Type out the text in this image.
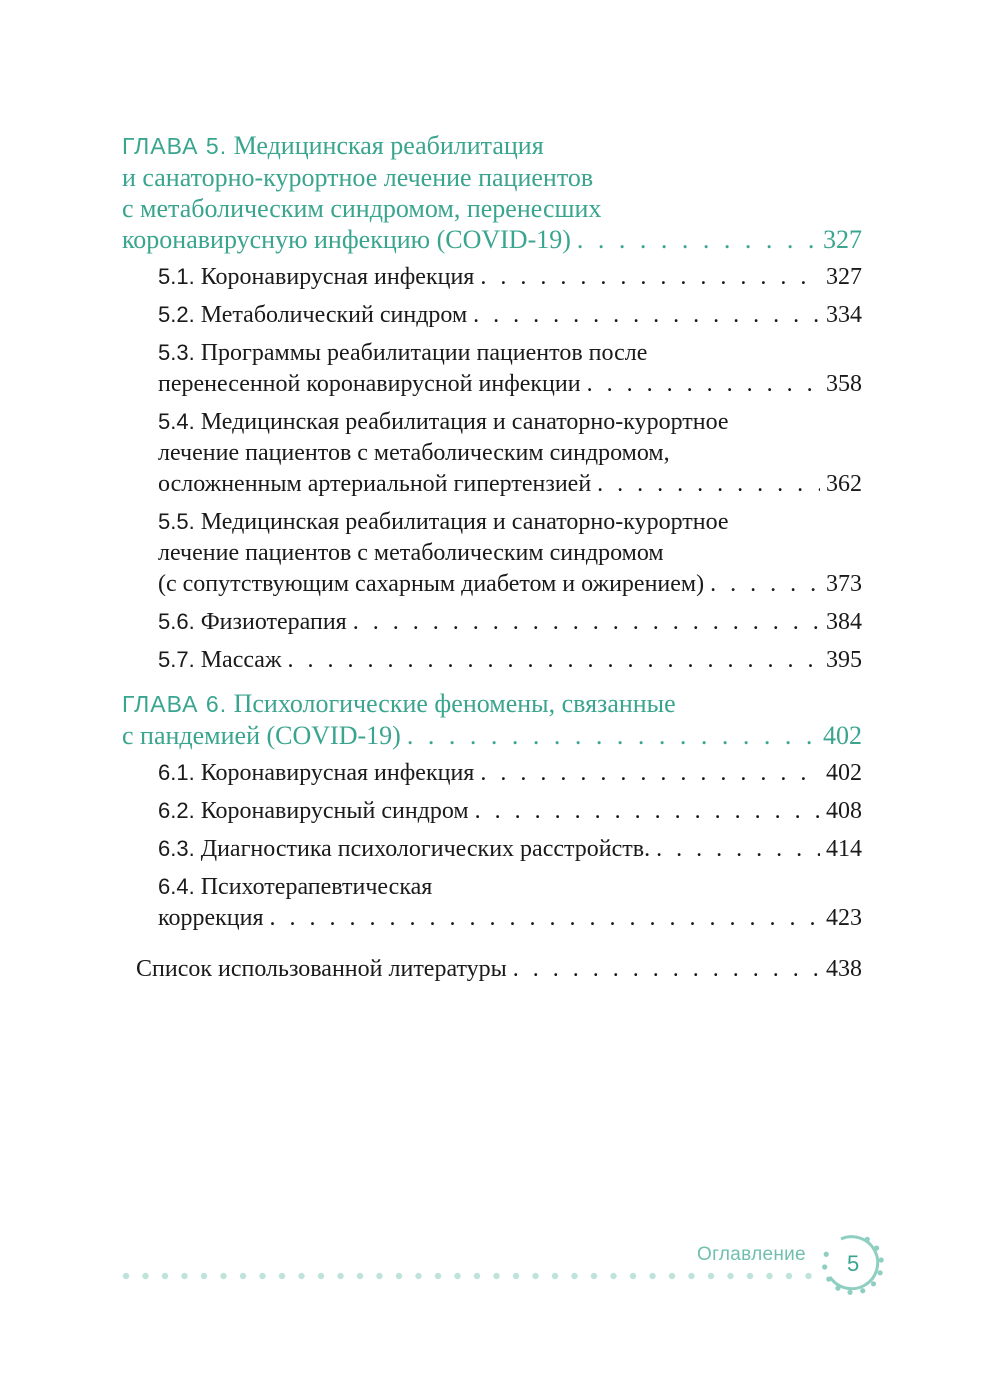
ГЛАВА 5. Медицинская реабилитация
и санаторно-курортное лечение пациентов
с метаболическим синдромом, перенесших
коронавирусную инфекцию (COVID-19) . . .	327
5.1. Коронавирусная инфекция . . .	327
5.2. Метаболический синдром . . .	334
5.3. Программы реабилитации пациентов после
перенесенной коронавирусной инфекции . . .	358
5.4. Медицинская реабилитация и санаторно-курортное
лечение пациентов с метаболическим синдромом,
осложненным артериальной гипертензией . . .	362
5.5. Медицинская реабилитация и санаторно-курортное
лечение пациентов с метаболическим синдромом
(с сопутствующим сахарным диабетом и ожирением) . . .	373
5.6. Физиотерапия . . .	384
5.7. Массаж . . .	395
ГЛАВА 6. Психологические феномены, связанные
с пандемией (COVID-19) . . .	402
6.1. Коронавирусная инфекция . . .	402
6.2. Коронавирусный синдром . . .	408
6.3. Диагностика психологических расстройств. . . .	414
6.4. Психотерапевтическая
коррекция . . .	423
Список использованной литературы . . .	438
Оглавление 5
